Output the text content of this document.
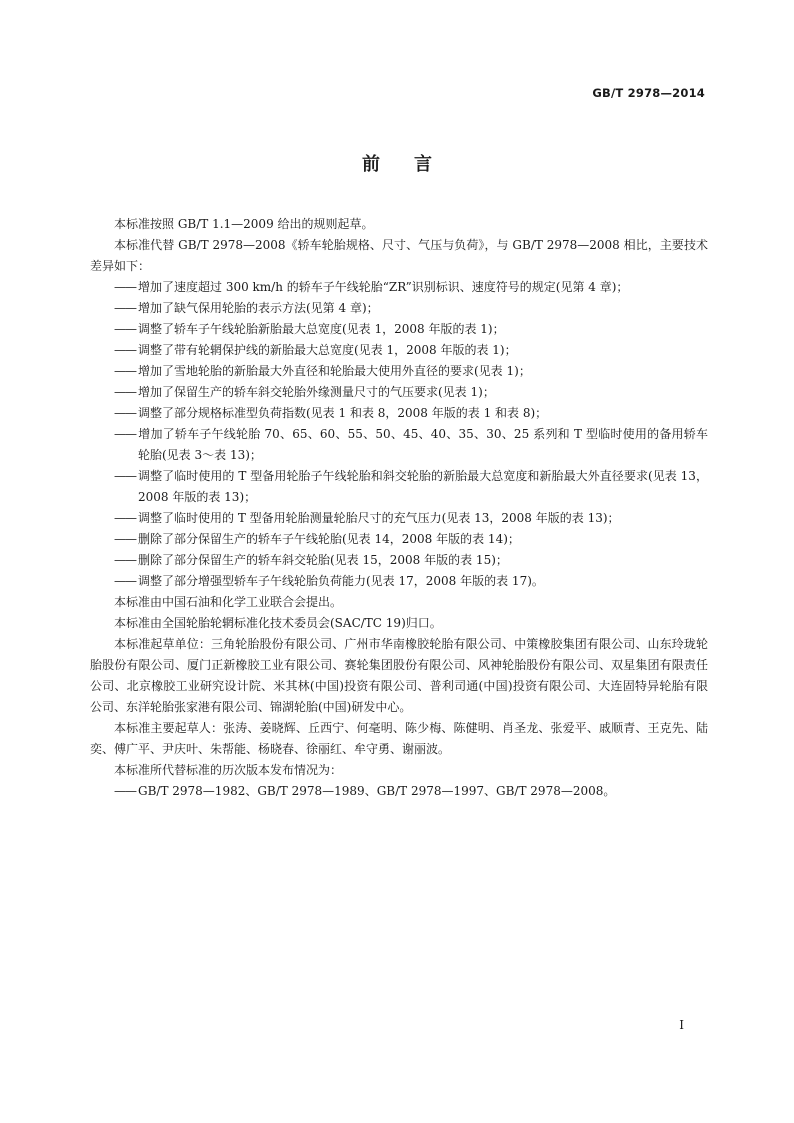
GB/T 2978—2014
前 言

本标准按照 GB/T 1.1—2009 给出的规则起草。

本标准代替 GB/T 2978—2008《轿车轮胎规格、尺寸、气压与负荷》，与 GB/T 2978—2008 相比，主要技术差异如下：

—— 增加了速度超过 300 km/h 的轿车子午线轮胎“ZR”识别标识、速度符号的规定(见第 4 章)；

—— 增加了缺气保用轮胎的表示方法(见第 4 章)；

—— 调整了轿车子午线轮胎新胎最大总宽度(见表 1，2008 年版的表 1)；

—— 调整了带有轮辋保护线的新胎最大总宽度(见表 1，2008 年版的表 1)；

—— 增加了雪地轮胎的新胎最大外直径和轮胎最大使用外直径的要求(见表 1)；

—— 增加了保留生产的轿车斜交轮胎外缘测量尺寸的气压要求(见表 1)；

—— 调整了部分规格标准型负荷指数(见表 1 和表 8，2008 年版的表 1 和表 8)；

—— 增加了轿车子午线轮胎 70、65、60、55、50、45、40、35、30、25 系列和 T 型临时使用的备用轿车轮胎(见表 3～表 13)；

—— 调整了临时使用的 T 型备用轮胎子午线轮胎和斜交轮胎的新胎最大总宽度和新胎最大外直径要求(见表 13，2008 年版的表 13)；

—— 调整了临时使用的 T 型备用轮胎测量轮胎尺寸的充气压力(见表 13，2008 年版的表 13)；

—— 删除了部分保留生产的轿车子午线轮胎(见表 14，2008 年版的表 14)；

—— 删除了部分保留生产的轿车斜交轮胎(见表 15，2008 年版的表 15)；

—— 调整了部分增强型轿车子午线轮胎负荷能力(见表 17，2008 年版的表 17)。

本标准由中国石油和化学工业联合会提出。

本标准由全国轮胎轮辋标准化技术委员会(SAC/TC 19)归口。

本标准起草单位：三角轮胎股份有限公司、广州市华南橡胶轮胎有限公司、中策橡胶集团有限公司、山东玲珑轮胎股份有限公司、厦门正新橡胶工业有限公司、赛轮集团股份有限公司、风神轮胎股份有限公司、双星集团有限责任公司、北京橡胶工业研究设计院、米其林(中国)投资有限公司、普利司通(中国)投资有限公司、大连固特异轮胎有限公司、东洋轮胎张家港有限公司、锦湖轮胎(中国)研发中心。

本标准主要起草人：张涛、姜晓辉、丘西宁、何毫明、陈少梅、陈健明、肖圣龙、张爱平、戚顺青、王克先、陆奕、傅广平、尹庆叶、朱帮能、杨晓春、徐丽红、牟守勇、谢丽波。

本标准所代替标准的历次版本发布情况为：

—— GB/T 2978—1982、GB/T 2978—1989、GB/T 2978—1997、GB/T 2978—2008。

I
